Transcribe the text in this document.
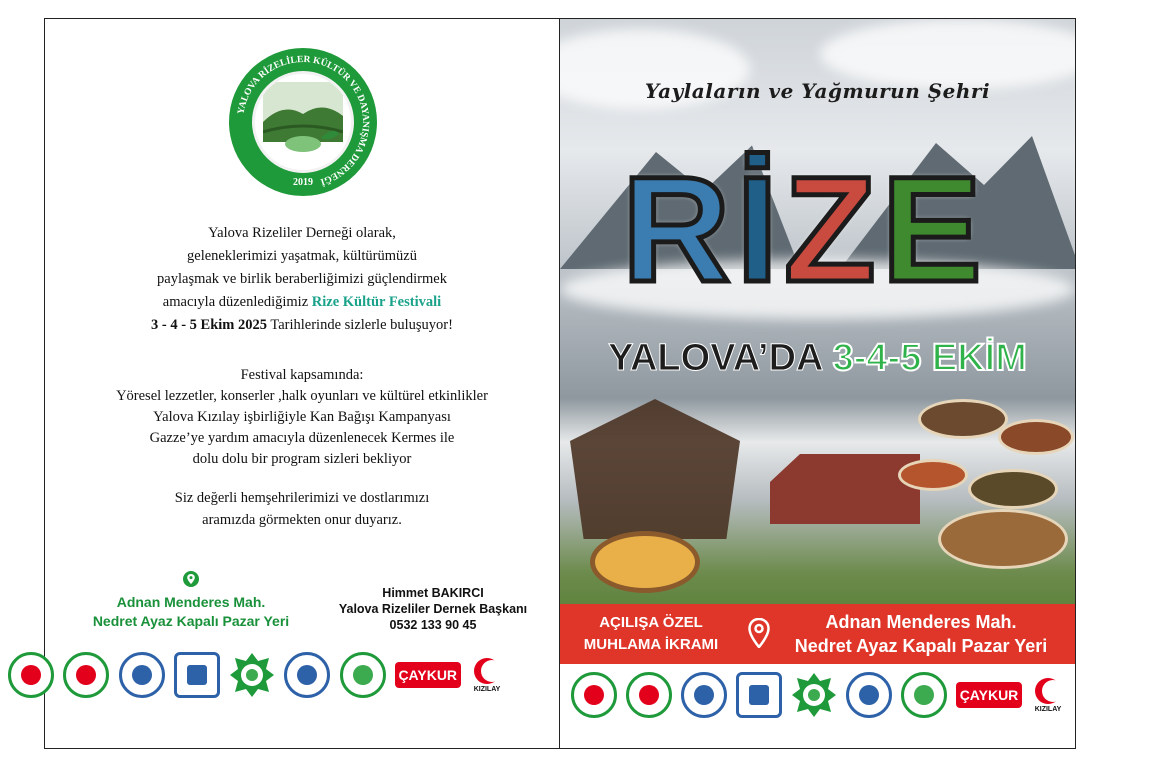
YALOVA RİZELİLER KÜLTÜR VE DAYANIŞMA DERNEĞİ
2019
Yalova Rizeliler Derneği olarak,
geleneklerimizi yaşatmak, kültürümüzü
paylaşmak ve birlik beraberliğimizi güçlendirmek
amacıyla düzenlediğimiz Rize Kültür Festivali
3 - 4 - 5 Ekim 2025 Tarihlerinde sizlerle buluşuyor!
Festival kapsamında:
Yöresel lezzetler, konserler ,halk oyunları ve kültürel etkinlikler
Yalova Kızılay işbirliğiyle Kan Bağışı Kampanyası
Gazze’ye yardım amacıyla düzenlenecek Kermes ile
dolu dolu bir program sizleri bekliyor
Siz değerli hemşehrilerimizi ve dostlarımızı
aramızda görmekten onur duyarız.
Adnan Menderes Mah.
Nedret Ayaz Kapalı Pazar Yeri
Himmet BAKIRCI
Yalova Rizeliler Dernek Başkanı
0532 133 90 45
ÇAYKUR
KIZILAY
Yaylaların ve Yağmurun Şehri
R İ Z E
YALOVA’DA 3-4-5 EKİM
AÇILIŞA ÖZEL
MUHLAMA İKRAMI
Adnan Menderes Mah.
Nedret Ayaz Kapalı Pazar Yeri
ÇAYKUR
KIZILAY
